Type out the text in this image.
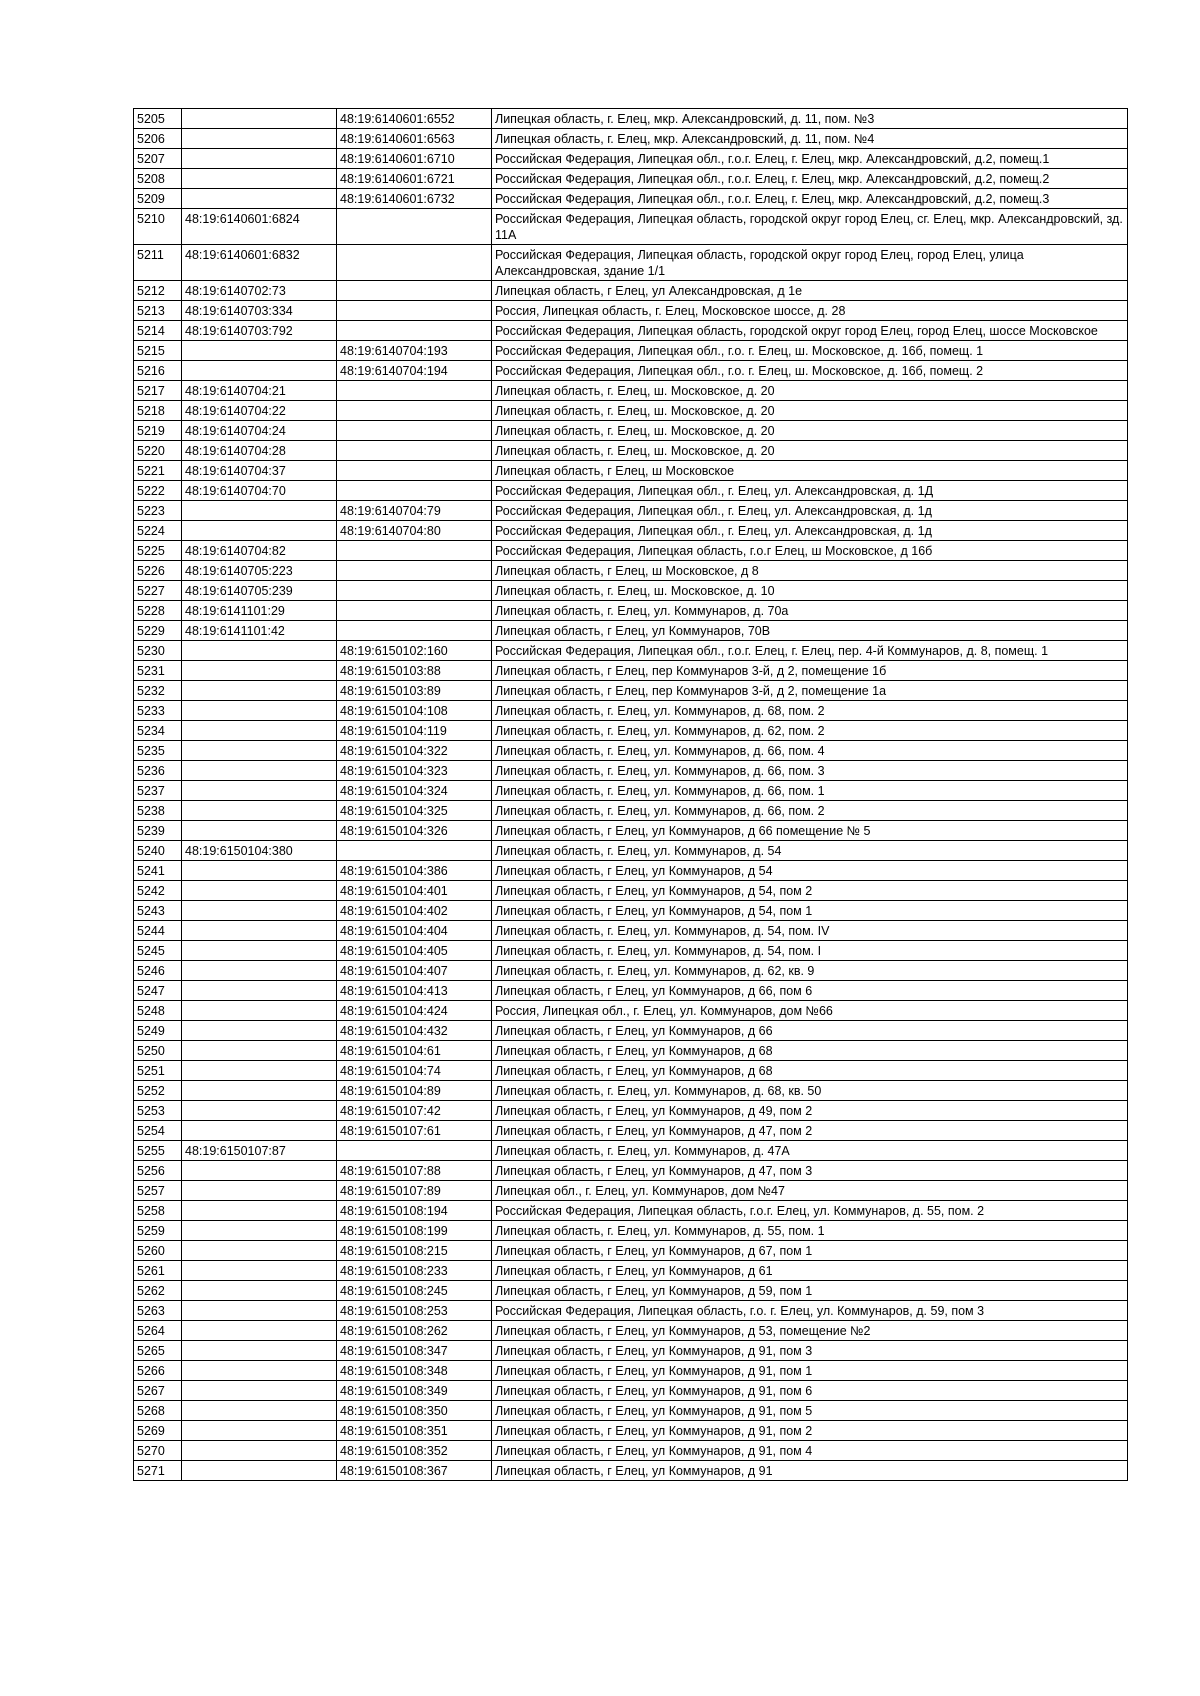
5205		48:19:6140601:6552	Липецкая область, г. Елец, мкр. Александровский, д. 11, пом. №3
5206		48:19:6140601:6563	Липецкая область, г. Елец, мкр. Александровский, д. 11, пом. №4
5207		48:19:6140601:6710	Российская Федерация, Липецкая обл., г.о.г. Елец, г. Елец, мкр. Александровский, д.2, помещ.1
5208		48:19:6140601:6721	Российская Федерация, Липецкая обл., г.о.г. Елец, г. Елец, мкр. Александровский, д.2, помещ.2
5209		48:19:6140601:6732	Российская Федерация, Липецкая обл., г.о.г. Елец, г. Елец, мкр. Александровский, д.2, помещ.3
5210	48:19:6140601:6824		Российская Федерация, Липецкая область, городской округ город Елец, сг. Елец, мкр. Александровский, зд. 11А
5211	48:19:6140601:6832		Российская Федерация, Липецкая область, городской округ город Елец, город Елец, улица Александровская, здание 1/1
5212	48:19:6140702:73		Липецкая область, г Елец, ул Александровская, д 1е
5213	48:19:6140703:334		Россия, Липецкая область, г. Елец, Московское шоссе, д. 28
5214	48:19:6140703:792		Российская Федерация, Липецкая область, городской округ город Елец, город Елец, шоссе Московское
5215		48:19:6140704:193	Российская Федерация, Липецкая обл., г.о. г. Елец, ш. Московское, д. 16б, помещ. 1
5216		48:19:6140704:194	Российская Федерация, Липецкая обл., г.о. г. Елец, ш. Московское, д. 16б, помещ. 2
5217	48:19:6140704:21		Липецкая область, г. Елец, ш. Московское, д. 20
5218	48:19:6140704:22		Липецкая область, г. Елец, ш. Московское, д. 20
5219	48:19:6140704:24		Липецкая область, г. Елец, ш. Московское, д. 20
5220	48:19:6140704:28		Липецкая область, г. Елец, ш. Московское, д. 20
5221	48:19:6140704:37		Липецкая область, г Елец, ш Московское
5222	48:19:6140704:70		Российская Федерация, Липецкая обл., г. Елец, ул. Александровская, д. 1Д
5223		48:19:6140704:79	Российская Федерация, Липецкая обл., г. Елец, ул. Александровская, д. 1д
5224		48:19:6140704:80	Российская Федерация, Липецкая обл., г. Елец, ул. Александровская, д. 1д
5225	48:19:6140704:82		Российская Федерация, Липецкая область, г.о.г Елец, ш Московское, д 16б
5226	48:19:6140705:223		Липецкая область, г Елец, ш Московское, д 8
5227	48:19:6140705:239		Липецкая область, г. Елец, ш. Московское, д. 10
5228	48:19:6141101:29		Липецкая область, г. Елец, ул. Коммунаров, д. 70а
5229	48:19:6141101:42		Липецкая область, г Елец, ул Коммунаров, 70В
5230		48:19:6150102:160	Российская Федерация, Липецкая обл., г.о.г. Елец, г. Елец, пер. 4-й Коммунаров, д. 8, помещ. 1
5231		48:19:6150103:88	Липецкая область, г Елец, пер Коммунаров 3-й, д 2, помещение 1б
5232		48:19:6150103:89	Липецкая область, г Елец, пер Коммунаров 3-й, д 2, помещение 1а
5233		48:19:6150104:108	Липецкая область, г. Елец, ул. Коммунаров, д. 68, пом. 2
5234		48:19:6150104:119	Липецкая область, г. Елец, ул. Коммунаров, д. 62, пом. 2
5235		48:19:6150104:322	Липецкая область, г. Елец, ул. Коммунаров, д. 66, пом. 4
5236		48:19:6150104:323	Липецкая область, г. Елец, ул. Коммунаров, д. 66, пом. 3
5237		48:19:6150104:324	Липецкая область, г. Елец, ул. Коммунаров, д. 66, пом. 1
5238		48:19:6150104:325	Липецкая область, г. Елец, ул. Коммунаров, д. 66, пом. 2
5239		48:19:6150104:326	Липецкая область, г Елец, ул Коммунаров, д 66 помещение № 5
5240	48:19:6150104:380		Липецкая область, г. Елец, ул. Коммунаров, д. 54
5241		48:19:6150104:386	Липецкая область, г Елец, ул Коммунаров, д 54
5242		48:19:6150104:401	Липецкая область, г Елец, ул Коммунаров, д 54, пом 2
5243		48:19:6150104:402	Липецкая область, г Елец, ул Коммунаров, д 54, пом 1
5244		48:19:6150104:404	Липецкая область, г. Елец, ул. Коммунаров, д. 54, пом. IV
5245		48:19:6150104:405	Липецкая область, г. Елец, ул. Коммунаров, д. 54, пом. I
5246		48:19:6150104:407	Липецкая область, г. Елец, ул. Коммунаров, д. 62, кв. 9
5247		48:19:6150104:413	Липецкая область, г Елец, ул Коммунаров, д 66, пом 6
5248		48:19:6150104:424	Россия, Липецкая обл., г. Елец, ул. Коммунаров, дом №66
5249		48:19:6150104:432	Липецкая область, г Елец, ул Коммунаров, д 66
5250		48:19:6150104:61	Липецкая область, г Елец, ул Коммунаров, д 68
5251		48:19:6150104:74	Липецкая область, г Елец, ул Коммунаров, д 68
5252		48:19:6150104:89	Липецкая область, г. Елец, ул. Коммунаров, д. 68, кв. 50
5253		48:19:6150107:42	Липецкая область, г Елец, ул Коммунаров, д 49, пом 2
5254		48:19:6150107:61	Липецкая область, г Елец, ул Коммунаров, д 47, пом 2
5255	48:19:6150107:87		Липецкая область, г. Елец, ул. Коммунаров, д. 47А
5256		48:19:6150107:88	Липецкая область, г Елец, ул Коммунаров, д 47, пом 3
5257		48:19:6150107:89	Липецкая обл., г. Елец, ул. Коммунаров, дом №47
5258		48:19:6150108:194	Российская Федерация, Липецкая область, г.о.г. Елец, ул. Коммунаров, д. 55, пом. 2
5259		48:19:6150108:199	Липецкая область, г. Елец, ул. Коммунаров, д. 55, пом. 1
5260		48:19:6150108:215	Липецкая область, г Елец, ул Коммунаров, д 67, пом 1
5261		48:19:6150108:233	Липецкая область, г Елец, ул Коммунаров, д 61
5262		48:19:6150108:245	Липецкая область, г Елец, ул Коммунаров, д 59, пом 1
5263		48:19:6150108:253	Российская Федерация, Липецкая область, г.о. г. Елец, ул. Коммунаров, д. 59, пом 3
5264		48:19:6150108:262	Липецкая область, г Елец, ул Коммунаров, д 53, помещение №2
5265		48:19:6150108:347	Липецкая область, г Елец, ул Коммунаров, д 91, пом 3
5266		48:19:6150108:348	Липецкая область, г Елец, ул Коммунаров, д 91, пом 1
5267		48:19:6150108:349	Липецкая область, г Елец, ул Коммунаров, д 91, пом 6
5268		48:19:6150108:350	Липецкая область, г Елец, ул Коммунаров, д 91, пом 5
5269		48:19:6150108:351	Липецкая область, г Елец, ул Коммунаров, д 91, пом 2
5270		48:19:6150108:352	Липецкая область, г Елец, ул Коммунаров, д 91, пом 4
5271		48:19:6150108:367	Липецкая область, г Елец, ул Коммунаров, д 91
